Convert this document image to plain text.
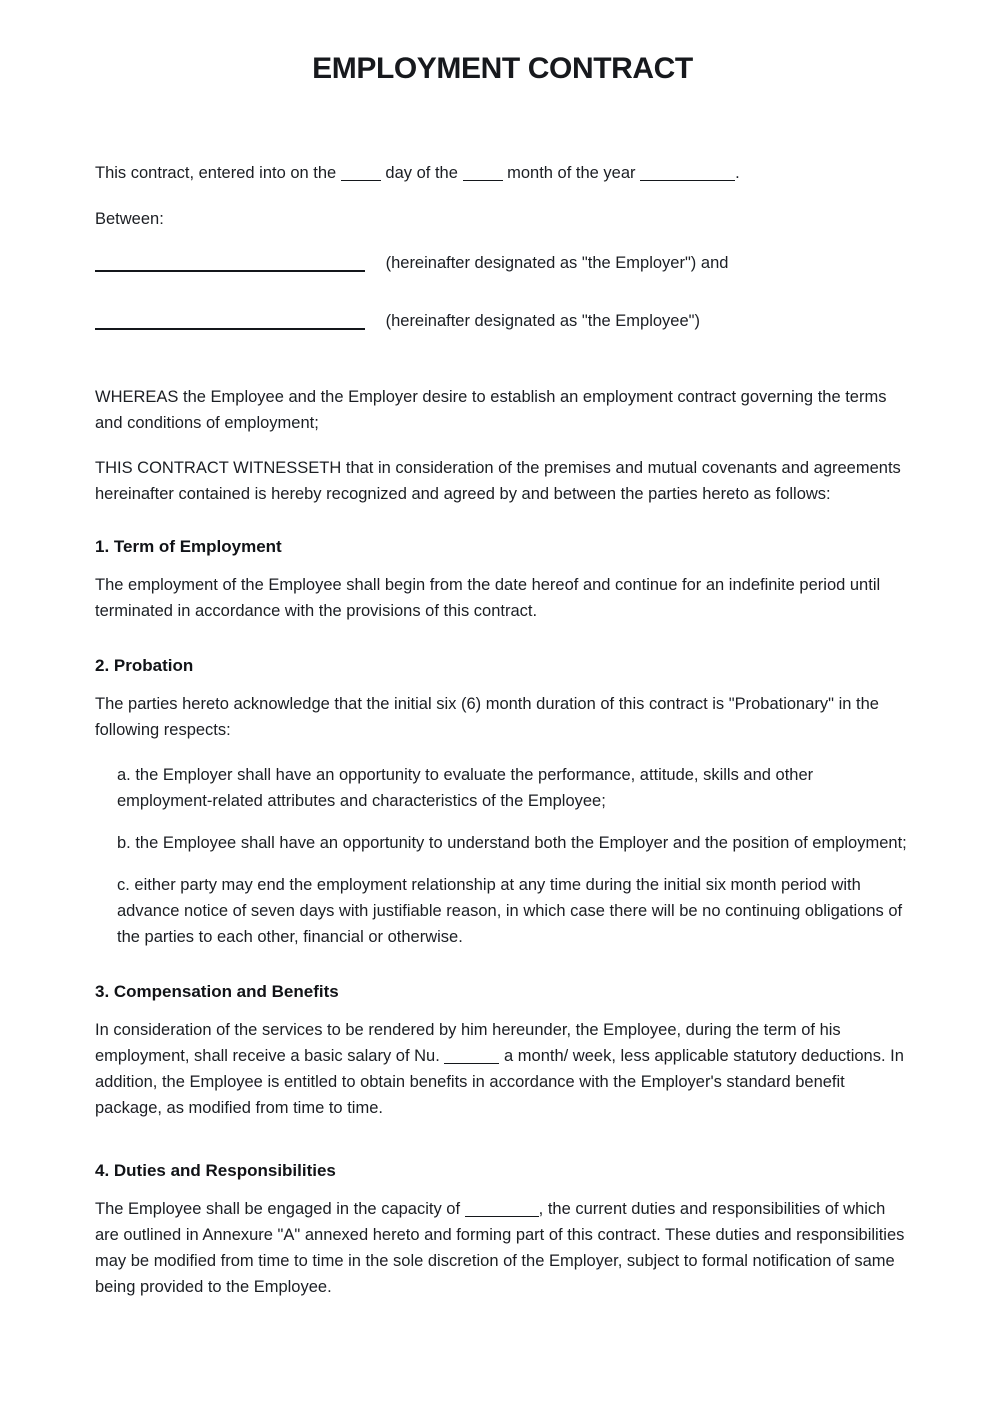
EMPLOYMENT CONTRACT

This contract, entered into on the	day of the	month of the year	.

Between:

(hereinafter designated as "the Employer") and

(hereinafter designated as "the Employee")

WHEREAS the Employee and the Employer desire to establish an employment contract governing the terms and conditions of employment;

THIS CONTRACT WITNESSETH that in consideration of the premises and mutual covenants and agreements hereinafter contained is hereby recognized and agreed by and between the parties hereto as follows:

1. Term of Employment

The employment of the Employee shall begin from the date hereof and continue for an indefinite period until terminated in accordance with the provisions of this contract.

2. Probation

The parties hereto acknowledge that the initial six (6) month duration of this contract is "Probationary" in the following respects:

a. the Employer shall have an opportunity to evaluate the performance, attitude, skills and other employment-related attributes and characteristics of the Employee;
b. the Employee shall have an opportunity to understand both the Employer and the position of employment;
c. either party may end the employment relationship at any time during the initial six month period with advance notice of seven days with justifiable reason, in which case there will be no continuing obligations of the parties to each other, financial or otherwise.
3. Compensation and Benefits

In consideration of the services to be rendered by him hereunder, the Employee, during the term of his employment, shall receive a basic salary of Nu.	a month/ week, less applicable statutory deductions. In addition, the Employee is entitled to obtain benefits in accordance with the Employer's standard benefit package, as modified from time to time.

4. Duties and Responsibilities

The Employee shall be engaged in the capacity of	, the current duties and responsibilities of which are outlined in Annexure "A" annexed hereto and forming part of this contract. These duties and responsibilities may be modified from time to time in the sole discretion of the Employer, subject to formal notification of same being provided to the Employee.
